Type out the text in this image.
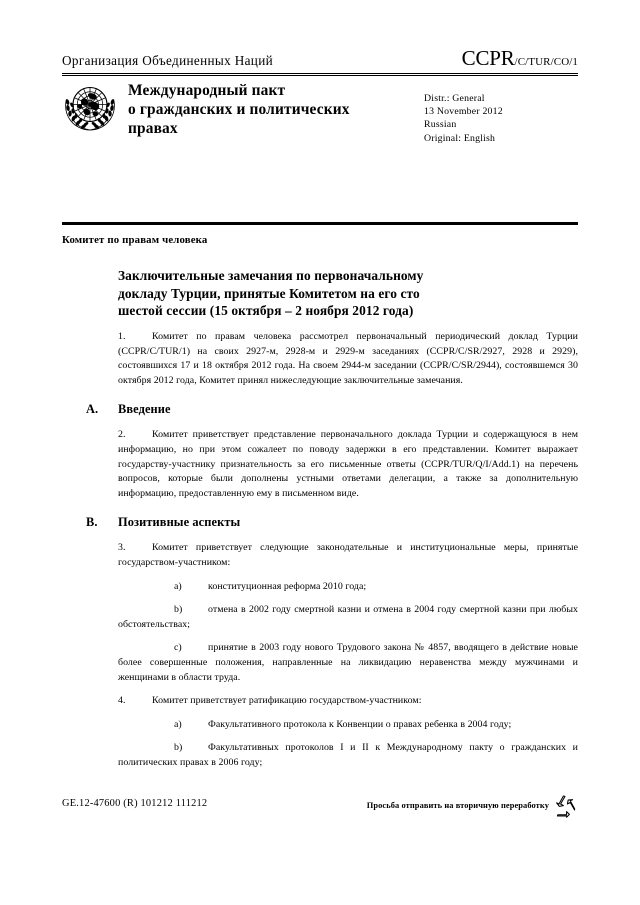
Организация Объединенных Наций	CCPR/C/TUR/CO/1
Международный пакт
о гражданских и политических
правах
Distr.: General
13 November 2012
Russian
Original: English
Комитет по правам человека
Заключительные замечания по первоначальному
докладу Турции, принятые Комитетом на его сто
шестой сессии (15 октября – 2 ноября 2012 года)
1.	Комитет по правам человека рассмотрел первоначальный периодический доклад Турции (CCPR/C/TUR/1) на своих 2927-м, 2928-м и 2929-м заседаниях (CCPR/C/SR/2927, 2928 и 2929), состоявшихся 17 и 18 октября 2012 года. На своем 2944-м заседании (CCPR/C/SR/2944), состоявшемся 30 октября 2012 года, Комитет принял нижеследующие заключительные замечания.
A. Введение
2.	Комитет приветствует представление первоначального доклада Турции и содержащуюся в нем информацию, но при этом сожалеет по поводу задержки в его представлении. Комитет выражает государству-участнику признательность за его письменные ответы (CCPR/TUR/Q/I/Add.1) на перечень вопросов, которые были дополнены устными ответами делегации, а также за дополнительную информацию, предоставленную ему в письменном виде.
B. Позитивные аспекты
3.	Комитет приветствует следующие законодательные и институциональные меры, принятые государством-участником:
a)	конституционная реформа 2010 года;
b)	отмена в 2002 году смертной казни и отмена в 2004 году смертной казни при любых обстоятельствах;
c)	принятие в 2003 году нового Трудового закона № 4857, вводящего в действие новые более совершенные положения, направленные на ликвидацию неравенства между мужчинами и женщинами в области труда.
4.	Комитет приветствует ратификацию государством-участником:
a)	Факультативного протокола к Конвенции о правах ребенка в 2004 году;
b)	Факультативных протоколов I и II к Международному пакту о гражданских и политических правах в 2006 году;
GE.12-47600 (R) 101212 111212	Просьба отправить на вторичную переработку
